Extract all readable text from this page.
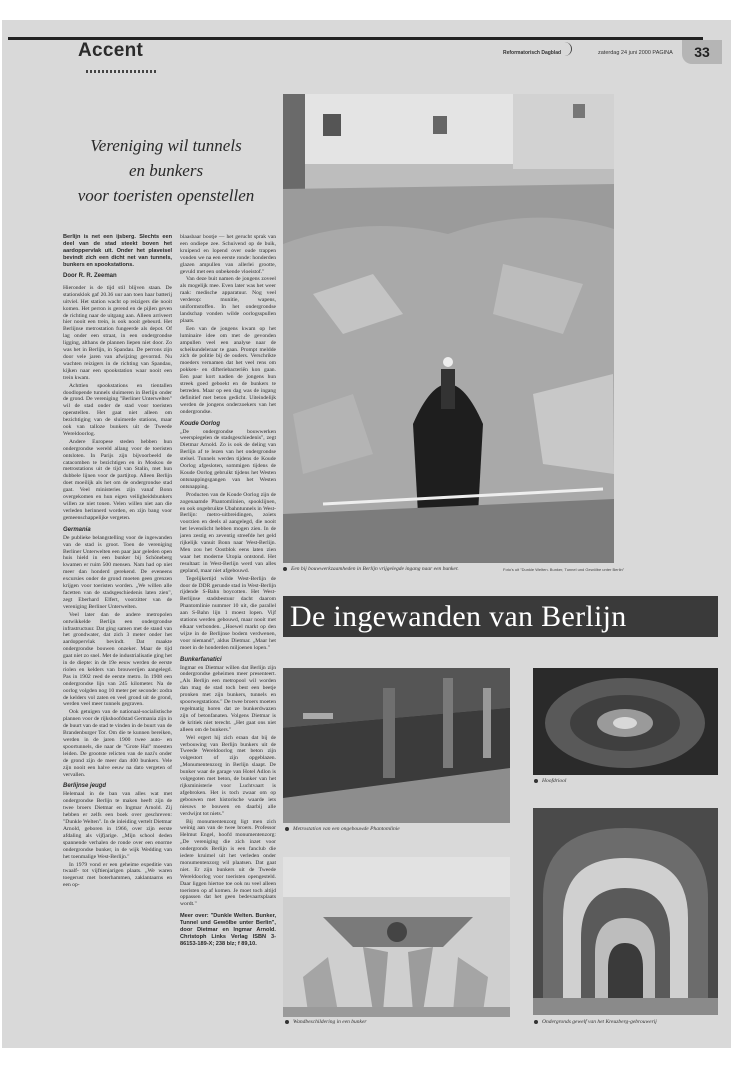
Accent	Reformatorisch Dagblad	zaterdag 24 juni 2000 PAGINA	33
Vereniging wil tunnels
en bunkers
voor toeristen openstellen

Berlijn is net een ijsberg. Slechts een deel van de stad steekt boven het aardoppervlak uit. Onder het plaveisel bevindt zich een dicht net van tunnels, bunkers en spookstations.

Door R. R. Zeeman

Hieronder is de tijd stil blijven staan. De stationsklok gaf 20.36 uur aan toen haar batterij uitviel. Het station wacht op reizigers die nooit komen. Het perron is gerend en de pijlen geven de richting naar de uitgang aan. Alleen arriveert hier nooit een trein, is ook nooit gebeurd. Het Berlijnse metrostation fungeerde als depot. Of lag onder een straat, in een ondergrondse ligging, althans de plannen liepen niet door. Zo was het in Berlijn, in Spandau. De perrons zijn door vele jaren van afwijzing gevormd. Nu wachten reizigers in de richting van Spandau, kijken naar een spookstation waar nooit een trein kwam.

Achttien spookstations en tientallen doodlopende tunnels sluimeren in Berlijn onder de grond. De vereniging "Berliner Unterwelten" wil de stad onder de stad voor toeristen openstellen. Het gaat niet alleen om bezichtiging van de sluimerde stations, maar ook van talloze bunkers uit de Tweede Wereldoorlog.

Andere Europese steden hebben hun ondergrondse wereld allang voor de toeristen ontsloten. In Parijs zijn bijvoorbeeld de catacomben te bezichtigen en in Moskou de metrostations uit de tijd van Stalin, met hun dubbele lijnen voor de partijtop. Alleen Berlijn doet moeilijk als het om de ondergrondse stad gaat. Veel ministeries zijn vanaf Bonn overgekomen en hun eigen veiligheidsbunkers willen ze niet tonen. Velen willen niet aan die verleden herinnerd worden, en zijn bang voor gemeenschappelijke vergeten.

Germania

De publieke belangstelling voor de ingewanden van de stad is groot. Toen de vereniging Berliner Unterwelten een paar jaar geleden open huis hield in een bunker bij Schöneberg kwamen er ruim 500 mensen. Nam had op niet meer dan honderd gerekend. De eveneens excursies onder de grond moeten geen grenzen krijgen voor toeristen worden. „We willen alle facetten van de stadsgeschiedenis laten zien", zegt Eberhard Elfert, voorzitter van de vereniging Berliner Unterwelten.

Veel later dan de andere metropolen ontwikkelde Berlijn een ondergrondse infrastructuur. Dat ging samen met de stand van het grondwater, dat zich 3 meter onder het aardoppervlak bevindt. Dat maakte ondergrondse bouwen onzeker. Maar de tijd gaat niet zo snel. Met de industrialisatie ging het in de diepte: in de 19e eeuw werden de eerste riolen en kelders van brouwerijen aangelegd. Pas in 1902 reed de eerste metro. In 1908 een ondergrondse lijn van 245 kilometer. Na de oorlog volgden nog 10 meter per seconde: zodra de kelders vol zaten en veel grond uit de grond, werden veel meer tunnels gegraven.

Ook getuigen van de nationaal-socialistische plannen voor de rijkshoofdstad Germania zijn in de buurt van de stad te vinden in de buurt van de Brandenburger Tor. Om die te kunnen bereiken, werden in de jaren 1900 twee auto- en spoortunnels, die naar de "Grote Hal" moesten leiden. De grootste relicten van de nazi's onder de grond zijn de meer dan 400 bunkers. Vele zijn nooit een halve eeuw na dato vergeten of vervallen.

Berlijnse jeugd

Helemaal in de ban van alles wat met ondergrondse Berlijn te maken heeft zijn de twee broers Dietmar en Ingmar Arnold. Zij hebben er zelfs een boek over geschreven: "Dunkle Welten". In de inleiding vertelt Dietmar Arnold, geboren in 1966, over zijn eerste afdaling als vijfjarige. „Mijn school deden spannende verhalen de ronde over een enorme ondergrondse bunker, in de wijk Wedding van het toenmalige West-Berlijn."

In 1979 vond er een geheime expeditie van twaalf- tot vijftienjarigen plaats. „We waren toegerust met boterhammen, zaklantaarns en een op-

blaasbaar bootje — het gerucht sprak van een ondiepe zee. Schuivend op de buik, kruipend en lopend over oude trappen vonden we na een eerste ronde: honderden glazen ampullen van allerlei grootte, gevuld met een onbekende vloeistof."

Van deze buit namen de jongens zoveel als mogelijk mee. Even later was het weer raak: medische apparatuur. Nog veel verderop: munitie, wapens, uniformstoffen. In het ondergrondse landschap vonden wilde oorlogsspullen plaats.

Een van de jongens kwam op het luminaire idee om met de gevonden ampullen veel een analyse naar de scheikundeleraar te gaan. Prompt meldde zich de politie bij de ouders. Verschrikte moeders vernamen dat het veel rens om pokken- en difteriebacteriën kon gaan. Een paar kort nadien de jongens hun streek goed geboekt en de bunkers te betreden. Maar op een dag was de ingang definitief met beton gedicht. Uiteindelijk werden de jongens onderzoekers van het ondergrondse.

Koude Oorlog

„De ondergrondse bouwwerken weerspiegelen de stadsgeschiedenis", zegt Dietmar Arnold. Zo is ook de deling van Berlijn af te lezen van het ondergrondse stelsel. Tunnels werden tijdens de Koude Oorlog afgesloten, sommigen tijdens de Koude Oorlog gebruikt tijdens het Westen ontsnappingsgangen van het Westen ontsnapping.

Producten van de Koude Oorlog zijn de zogenaamde Phantomlinien, spooklijnen, en ook ongebruikte Ubahntunnels in West-Berlijn: metro-uitbreidingen, zoiets voorzien en deels al aangelegd, die nooit het levenslicht hebben mogen zien. In de jaren zestig en zeventig streefde het geld rijkelijk vanuit Bonn naar West-Berlijn. Men zou het Oostblok eens laten zien waar het moderne Utopia ontstond. Het resultaat: in West-Berlijn werd van alles gepland, maar niet afgebouwd.

Tegelijkertijd wilde West-Berlijn de door de DDR gerunde stad in West-Berlijn rijdende S-Bahn boycotten. Het West-Berlijnse stadsbestuur dacht daarom Phantomlinie nummer 10 uit, die parallel aan S-Bahn lijn 1 moest lopen. Vijf stations werden gebouwd, maar nooit met elkaar verbonden. „Hoewel markt op den wijze in de Berlijnse bodem verdwenen, voor niemand", aldus Dietmar. „Maar het moet in de honderden miljoenen lopen."

Bunkerfanatici

Ingmar en Dietmar willen dat Berlijn zijn ondergrondse geheimen meer presenteert. „Als Berlijn een metropool wil worden dan mag de stad toch best een beetje pronken met zijn bunkers, tunnels en spoorwegstations." De twee broers moeten regelmatig horen dat ze bunkerdwazen zijn of betonfanaten. Volgens Dietmar is de kritiek niet terecht. „Het gaat ons niet alleen om de bunkers."

Wel ergert hij zich eraan dat bij de verbouwing van Berlijn bunkers uit de Tweede Wereldoorlog met beton zijn volgestort of zijn opgeblazen. „Monumentenzorg in Berlijn slaapt. De bunker waar de garage van Hotel Adlon is volgegoten met beton, de bunker van het rijksministerie voor Luchtvaart is afgebroken. Het is toch zwaar om op gebouwen met historische waarde iets nieuws te bouwen en daarbij alle verdwijnt tot niets."

Bij monumentenzorg ligt men zich weinig aan van de twee broers. Professor Helmut Engel, hoofd monumentenzorg: „De vereniging die zich inzet voor ondergronds Berlijn is een fanclub die iedere kruimel uit het verleden onder monumentenzorg wil plaatsen. Dat gaat niet. Er zijn bunkers uit de Tweede Wereldoorlog voor toeristen opengesteld. Daar liggen hiertoe toe ook nu veel alleen toeristen op af komen. Je moet toch altijd oppassen dat het geen bedevaartsplaats wordt."

Meer over: "Dunkle Welten. Bunker, Tunnel und Gewölbe unter Berlin", door Dietmar en Ingmar Arnold. Christoph Links Verlag ISBN 3-86153-189-X; 238 blz; f 89,10.

Een bij bouwwerkzaamheden in Berlijn vrijgelegde ingang naar een bunker.	Foto's uit "Dunkle Welten. Bunker, Tunnel und Gewölbe unter Berlin"
De ingewanden van Berlijn
Metrostation van een ongebouwde Phantomlinie
Hoofdriool
Wandbeschildering in een bunker	Ondergronds gewelf van het Kreuzberg-gebrouwerij
